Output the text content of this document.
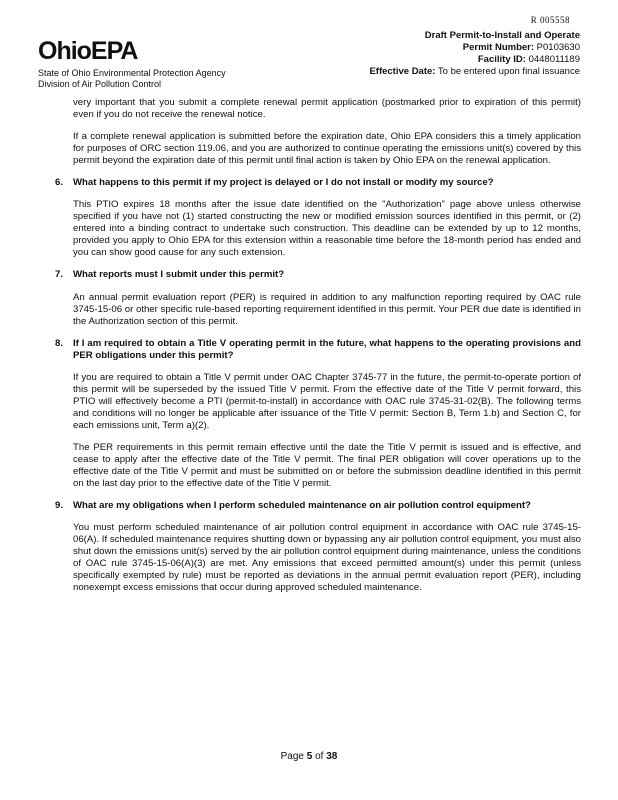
OhioEPA
State of Ohio Environmental Protection Agency
Division of Air Pollution Control
R 005558
Draft Permit-to-Install and Operate
Permit Number: P0103630
Facility ID: 0448011189
Effective Date: To be entered upon final issuance

very important that you submit a complete renewal permit application (postmarked prior to expiration of this permit) even if you do not receive the renewal notice.

If a complete renewal application is submitted before the expiration date, Ohio EPA considers this a timely application for purposes of ORC section 119.06, and you are authorized to continue operating the emissions unit(s) covered by this permit beyond the expiration date of this permit until final action is taken by Ohio EPA on the renewal application.

6. What happens to this permit if my project is delayed or I do not install or modify my source?

This PTIO expires 18 months after the issue date identified on the "Authorization" page above unless otherwise specified if you have not (1) started constructing the new or modified emission sources identified in this permit, or (2) entered into a binding contract to undertake such construction. This deadline can be extended by up to 12 months, provided you apply to Ohio EPA for this extension within a reasonable time before the 18-month period has ended and you can show good cause for any such extension.

7. What reports must I submit under this permit?

An annual permit evaluation report (PER) is required in addition to any malfunction reporting required by OAC rule 3745-15-06 or other specific rule-based reporting requirement identified in this permit. Your PER due date is identified in the Authorization section of this permit.

8. If I am required to obtain a Title V operating permit in the future, what happens to the operating provisions and PER obligations under this permit?

If you are required to obtain a Title V permit under OAC Chapter 3745-77 in the future, the permit-to-operate portion of this permit will be superseded by the issued Title V permit. From the effective date of the Title V permit forward, this PTIO will effectively become a PTI (permit-to-install) in accordance with OAC rule 3745-31-02(B). The following terms and conditions will no longer be applicable after issuance of the Title V permit: Section B, Term 1.b) and Section C, for each emissions unit, Term a)(2).

The PER requirements in this permit remain effective until the date the Title V permit is issued and is effective, and cease to apply after the effective date of the Title V permit. The final PER obligation will cover operations up to the effective date of the Title V permit and must be submitted on or before the submission deadline identified in this permit on the last day prior to the effective date of the Title V permit.

9. What are my obligations when I perform scheduled maintenance on air pollution control equipment?

You must perform scheduled maintenance of air pollution control equipment in accordance with OAC rule 3745-15-06(A). If scheduled maintenance requires shutting down or bypassing any air pollution control equipment, you must also shut down the emissions unit(s) served by the air pollution control equipment during maintenance, unless the conditions of OAC rule 3745-15-06(A)(3) are met. Any emissions that exceed permitted amount(s) under this permit (unless specifically exempted by rule) must be reported as deviations in the annual permit evaluation report (PER), including nonexempt excess emissions that occur during approved scheduled maintenance.

Page 5 of 38
